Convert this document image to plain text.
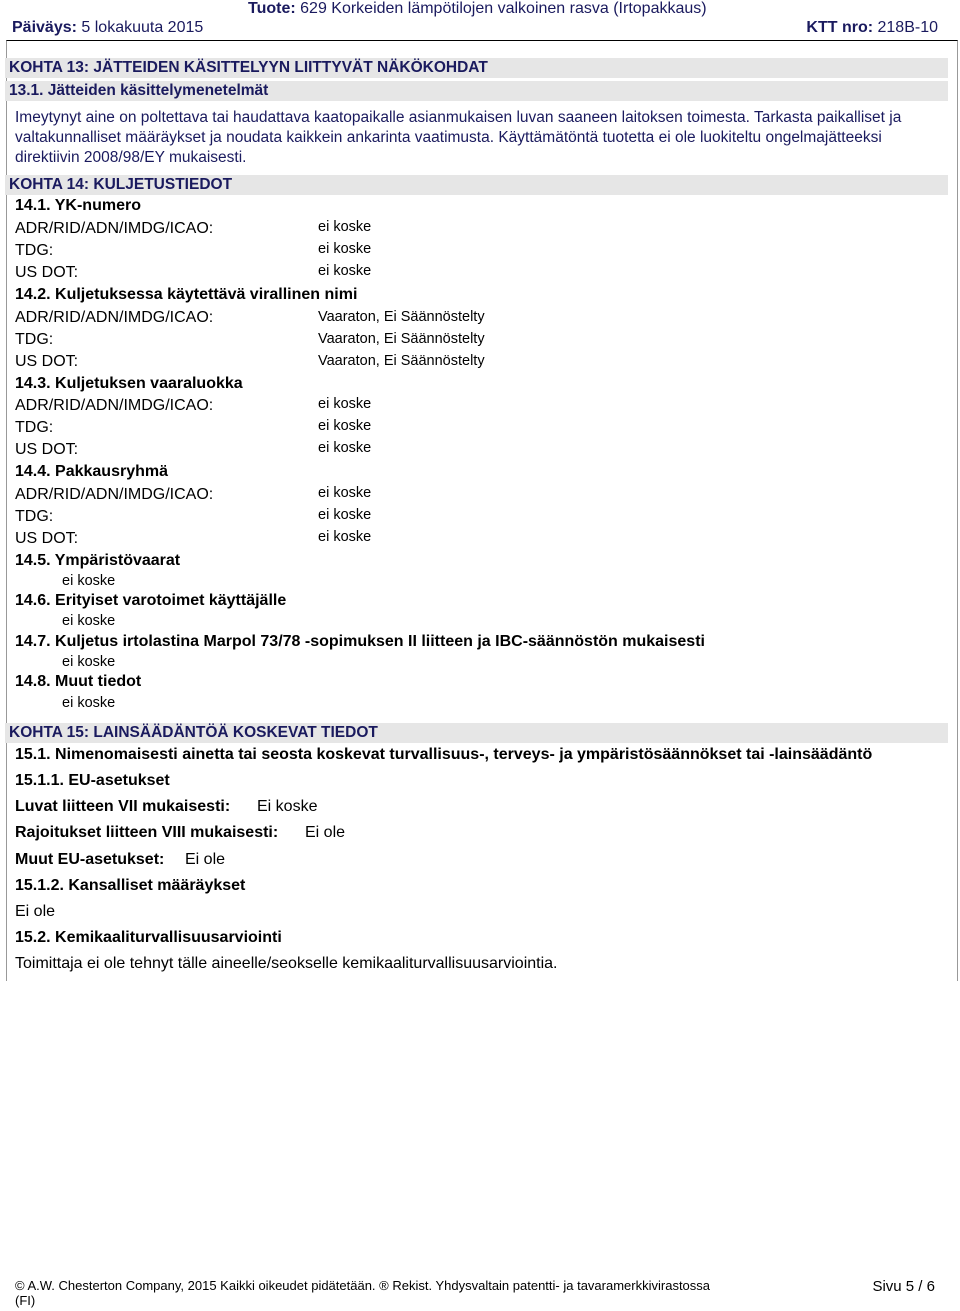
Tuote: 629 Korkeiden lämpötilojen valkoinen rasva (Irtopakkaus)
Päiväys: 5 lokakuuta 2015	KTT nro: 218B-10
KOHTA 13: JÄTTEIDEN KÄSITTELYYN LIITTYVÄT NÄKÖKOHDAT
13.1. Jätteiden käsittelymenetelmät
Imeytynyt aine on poltettava tai haudattava kaatopaikalle asianmukaisen luvan saaneen laitoksen toimesta. Tarkasta paikalliset ja
valtakunnalliset määräykset ja noudata kaikkein ankarinta vaatimusta. Käyttämätöntä tuotetta ei ole luokiteltu ongelmajätteeksi
direktiivin 2008/98/EY mukaisesti.
KOHTA 14: KULJETUSTIEDOT
14.1. YK-numero
ADR/RID/ADN/IMDG/ICAO:	ei koske
TDG:	ei koske
US DOT:	ei koske
14.2. Kuljetuksessa käytettävä virallinen nimi
ADR/RID/ADN/IMDG/ICAO:	Vaaraton, Ei Säännöstelty
TDG:	Vaaraton, Ei Säännöstelty
US DOT:	Vaaraton, Ei Säännöstelty
14.3. Kuljetuksen vaaraluokka
ADR/RID/ADN/IMDG/ICAO:	ei koske
TDG:	ei koske
US DOT:	ei koske
14.4. Pakkausryhmä
ADR/RID/ADN/IMDG/ICAO:	ei koske
TDG:	ei koske
US DOT:	ei koske
14.5. Ympäristövaarat
ei koske
14.6. Erityiset varotoimet käyttäjälle
ei koske
14.7. Kuljetus irtolastina Marpol 73/78 -sopimuksen II liitteen ja IBC-säännöstön mukaisesti
ei koske
14.8. Muut tiedot
ei koske
KOHTA 15: LAINSÄÄDÄNTÖÄ KOSKEVAT TIEDOT
15.1. Nimenomaisesti ainetta tai seosta koskevat turvallisuus-, terveys- ja ympäristösäännökset tai -lainsäädäntö
15.1.1. EU-asetukset
Luvat liitteen VII mukaisesti: Ei koske
Rajoitukset liitteen VIII mukaisesti: Ei ole
Muut EU-asetukset: Ei ole
15.1.2. Kansalliset määräykset
Ei ole
15.2. Kemikaaliturvallisuusarviointi
Toimittaja ei ole tehnyt tälle aineelle/seokselle kemikaaliturvallisuusarviointia.
© A.W. Chesterton Company, 2015 Kaikki oikeudet pidätetään. ® Rekist. Yhdysvaltain patentti- ja tavaramerkkivirastossa
(FI)
Sivu 5 / 6
